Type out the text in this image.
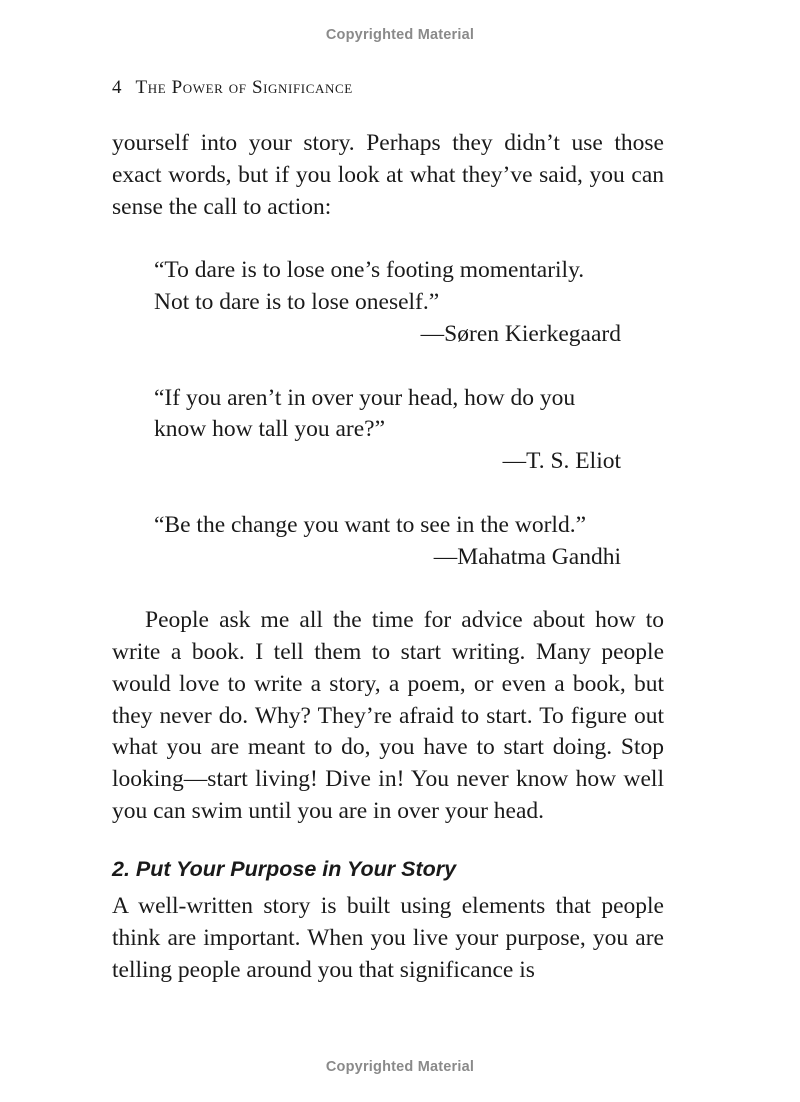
Copyrighted Material
4 The Power of Significance

yourself into your story. Perhaps they didn’t use those exact words, but if you look at what they’ve said, you can sense the call to action:

“To dare is to lose one’s footing momentarily.

Not to dare is to lose oneself.”

—Søren Kierkegaard

“If you aren’t in over your head, how do you

know how tall you are?”

—T. S. Eliot

“Be the change you want to see in the world.”

—Mahatma Gandhi

People ask me all the time for advice about how to write a book. I tell them to start writing. Many people would love to write a story, a poem, or even a book, but they never do. Why? They’re afraid to start. To figure out what you are meant to do, you have to start doing. Stop looking—start living! Dive in! You never know how well you can swim until you are in over your head.

2. Put Your Purpose in Your Story

A well-written story is built using elements that people think are important. When you live your purpose, you are telling people around you that significance is

Copyrighted Material
